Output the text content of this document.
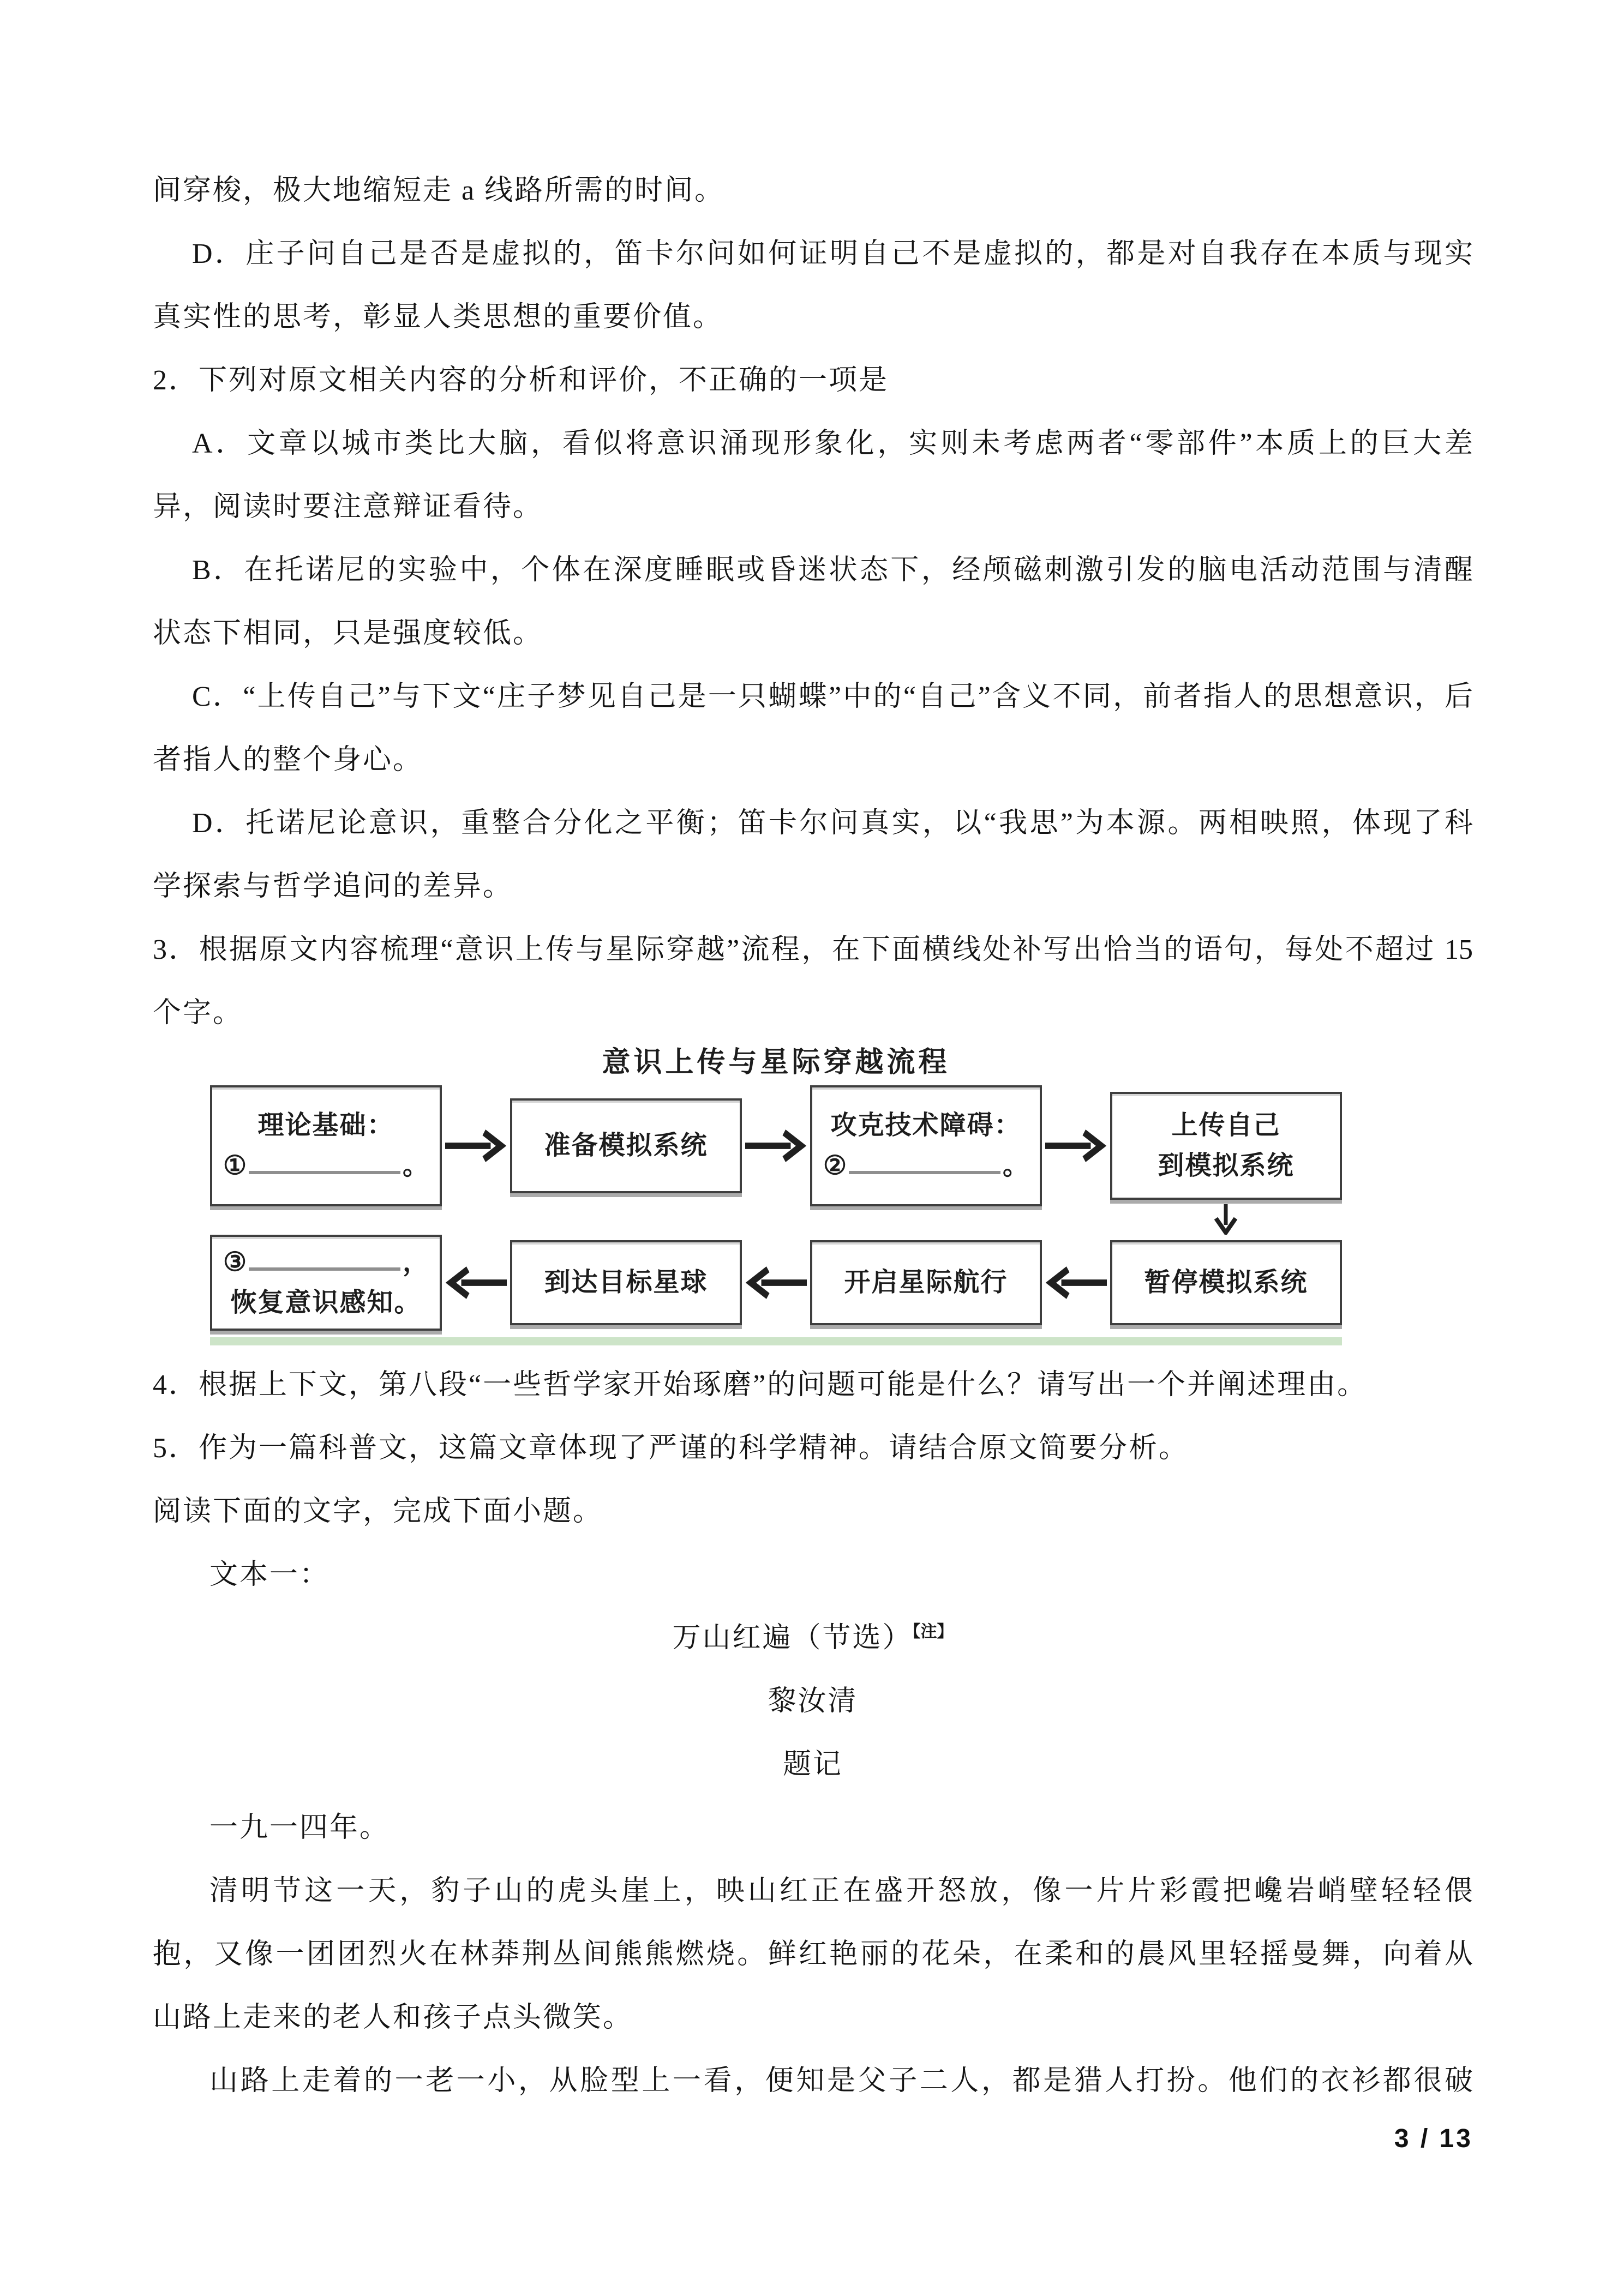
间穿梭，极大地缩短走 a 线路所需的时间。
D．庄子问自己是否是虚拟的，笛卡尔问如何证明自己不是虚拟的，都是对自我存在本质与现实
真实性的思考，彰显人类思想的重要价值。
2．下列对原文相关内容的分析和评价，不正确的一项是
A．文章以城市类比大脑，看似将意识涌现形象化，实则未考虑两者“零部件”本质上的巨大差
异，阅读时要注意辩证看待。
B．在托诺尼的实验中，个体在深度睡眠或昏迷状态下，经颅磁刺激引发的脑电活动范围与清醒
状态下相同，只是强度较低。
C．“上传自己”与下文“庄子梦见自己是一只蝴蝶”中的“自己”含义不同，前者指人的思想意识，后
者指人的整个身心。
D．托诺尼论意识，重整合分化之平衡；笛卡尔问真实，以“我思”为本源。两相映照，体现了科
学探索与哲学追问的差异。
3．根据原文内容梳理“意识上传与星际穿越”流程，在下面横线处补写出恰当的语句，每处不超过 15
个字。
意识上传与星际穿越流程
理论基础：
①	。
准备模拟系统
攻克技术障碍：
②	。
上传自己
到模拟系统
③	，
恢复意识感知。
到达目标星球	开启星际航行	暂停模拟系统
4．根据上下文，第八段“一些哲学家开始琢磨”的问题可能是什么？请写出一个并阐述理由。
5．作为一篇科普文，这篇文章体现了严谨的科学精神。请结合原文简要分析。
阅读下面的文字，完成下面小题。
文本一：
万山红遍（节选）$^{【注】}$
黎汝清
题记
一九一四年。
清明节这一天，豹子山的虎头崖上，映山红正在盛开怒放，像一片片彩霞把巉岩峭壁轻轻偎
抱，又像一团团烈火在林莽荆丛间熊熊燃烧。鲜红艳丽的花朵，在柔和的晨风里轻摇曼舞，向着从
山路上走来的老人和孩子点头微笑。
山路上走着的一老一小，从脸型上一看，便知是父子二人，都是猎人打扮。他们的衣衫都很破
3 / 13
